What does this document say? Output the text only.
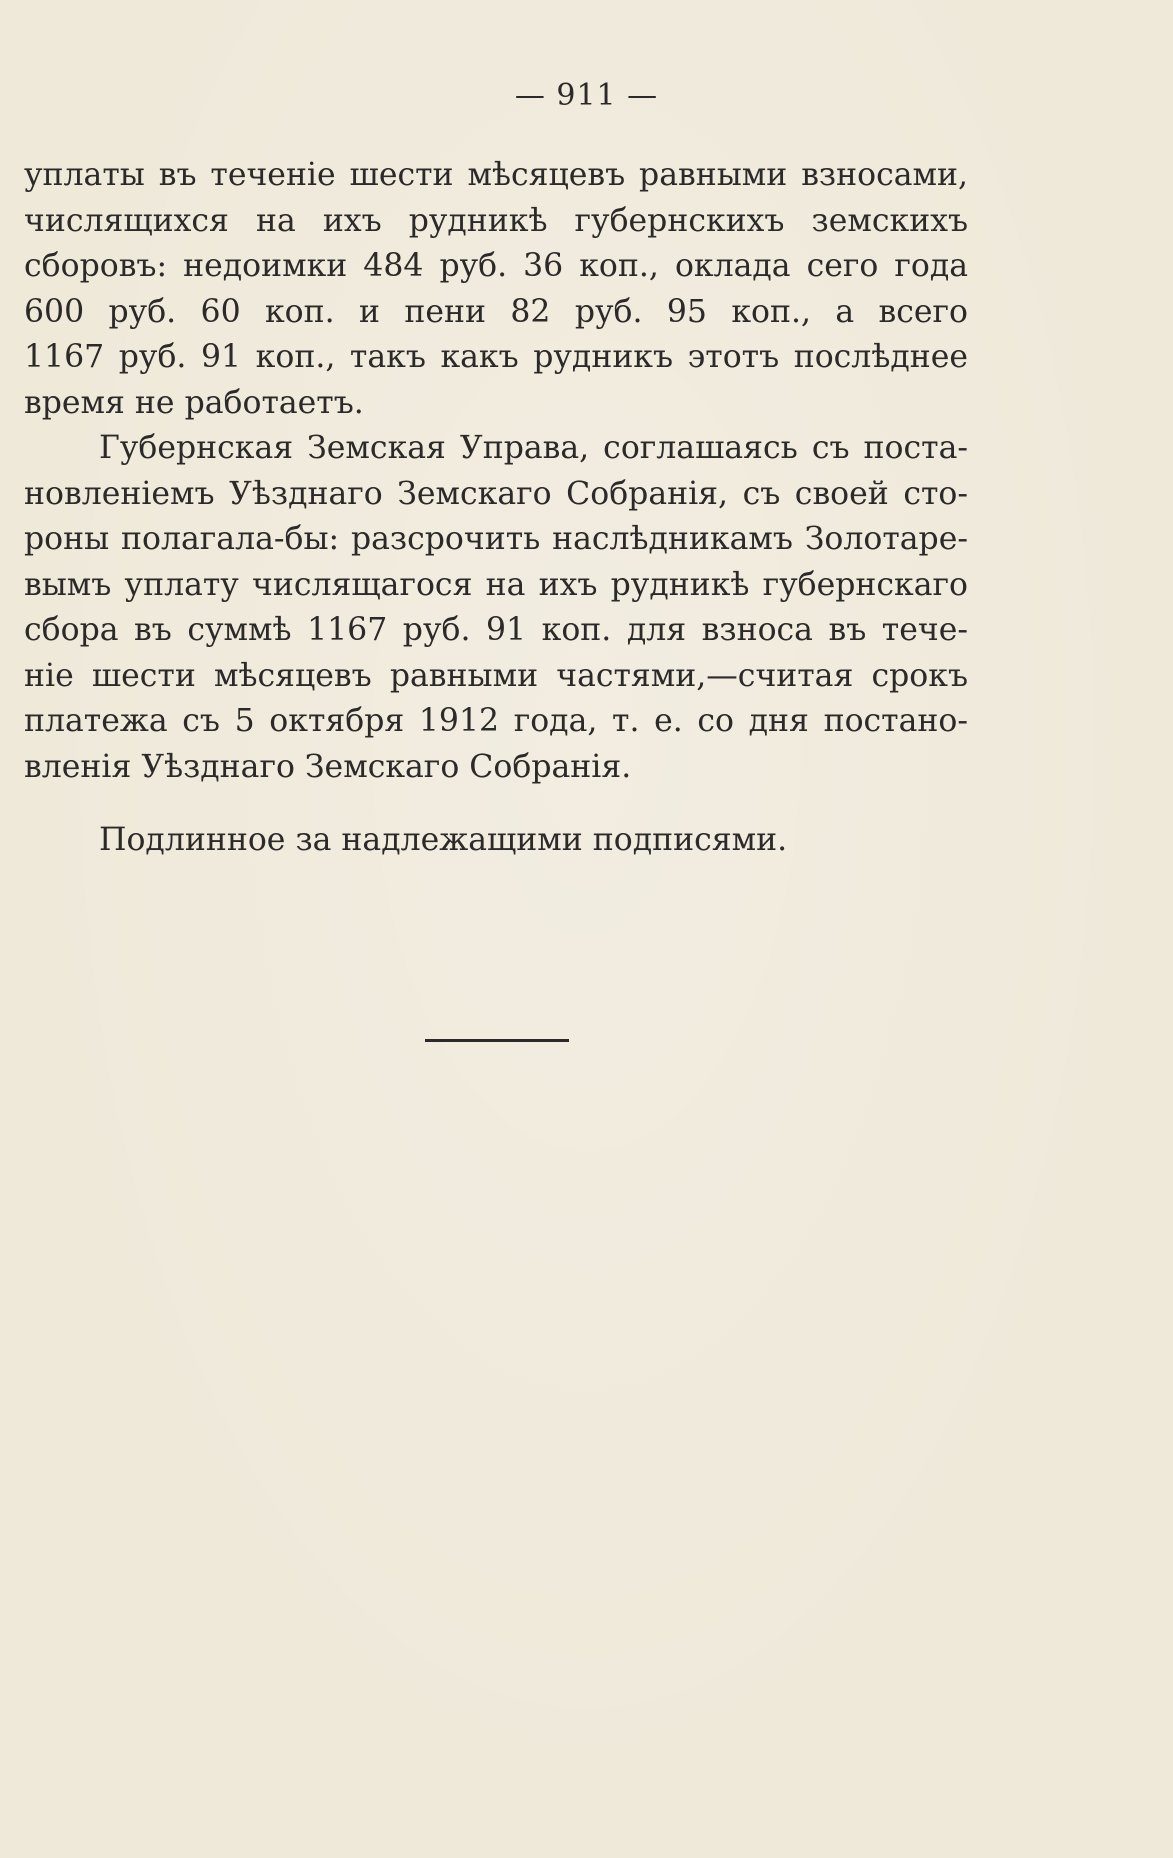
— 911 —
уплаты въ теченіе шести мѣсяцевъ равными взносами,
числящихся на ихъ рудникѣ губернскихъ земскихъ
сборовъ: недоимки 484 руб. 36 коп., оклада сего года
600 руб. 60 коп. и пени 82 руб. 95 коп., а всего
1167 руб. 91 коп., такъ какъ рудникъ этотъ послѣднее
время не работаетъ.
Губернская Земская Управа, соглашаясь съ поста-
новленіемъ Уѣзднаго Земскаго Собранія, съ своей сто-
роны полагала-бы: разсрочить наслѣдникамъ Золотаре-
вымъ уплату числящагося на ихъ рудникѣ губернскаго
сбора въ суммѣ 1167 руб. 91 коп. для взноса въ тече-
ніе шести мѣсяцевъ равными частями,—считая срокъ
платежа съ 5 октября 1912 года, т. е. со дня постано-
вленія Уѣзднаго Земскаго Собранія.
Подлинное за надлежащими подписями.
